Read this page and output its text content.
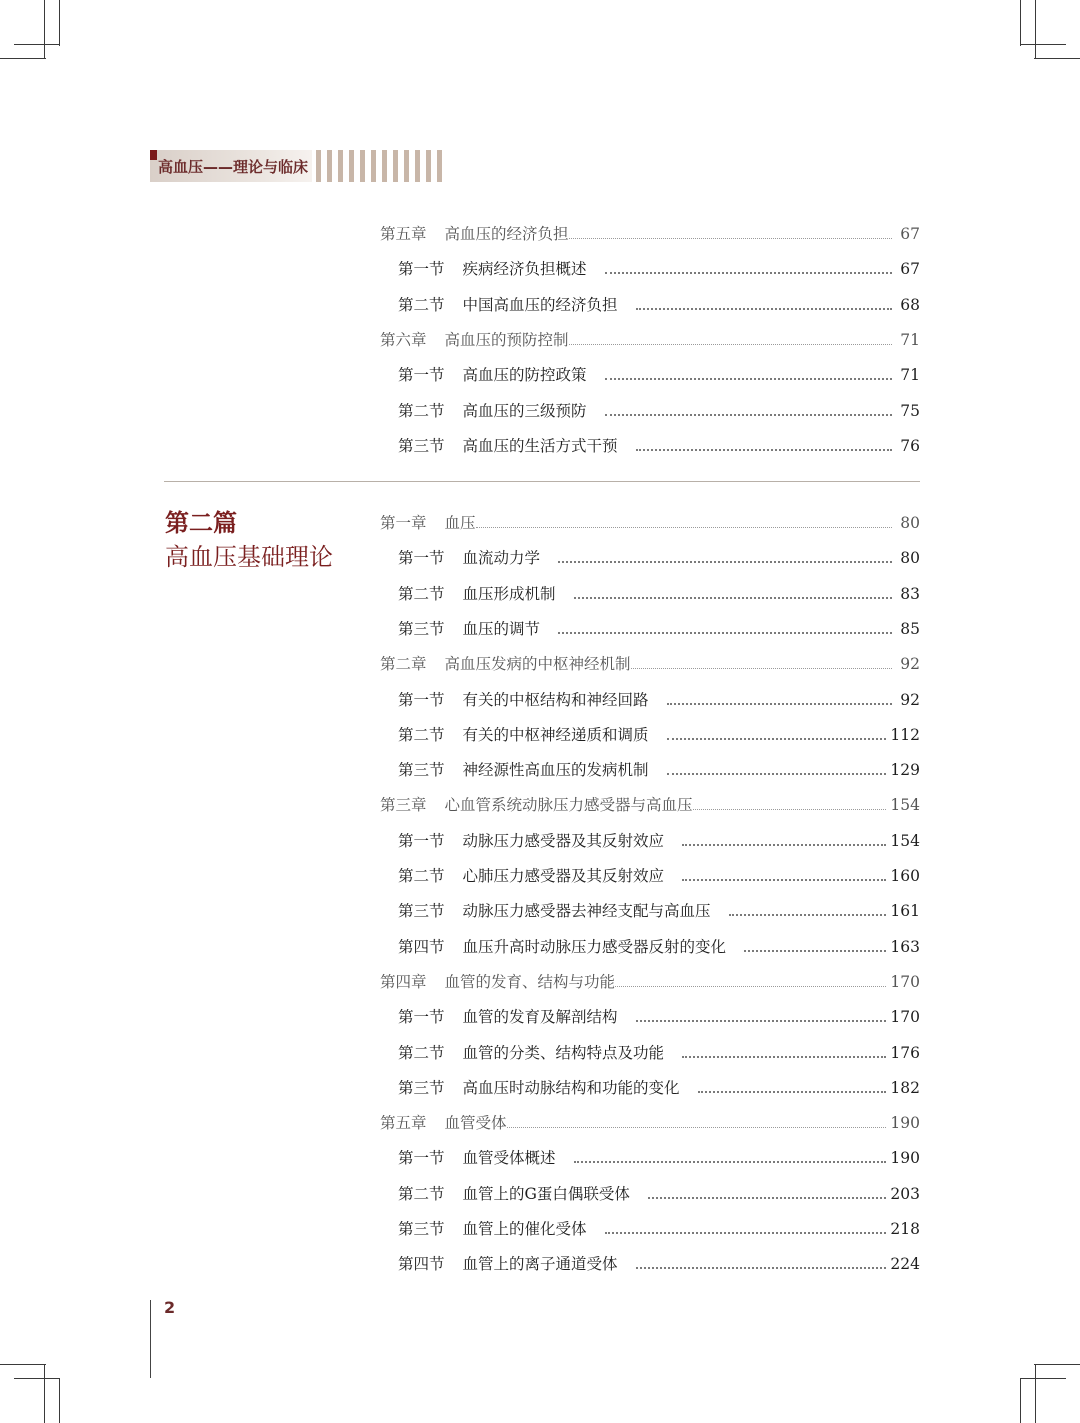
高血压——理论与临床
第五章 高血压的经济负担	67
第一节 疾病经济负担概述	67
第二节 中国高血压的经济负担	68
第六章 高血压的预防控制	71
第一节 高血压的防控政策	71
第二节 高血压的三级预防	75
第三节 高血压的生活方式干预	76
第二篇
高血压基础理论
第一章 血压	80
第一节 血流动力学	80
第二节 血压形成机制	83
第三节 血压的调节	85
第二章 高血压发病的中枢神经机制	92
第一节 有关的中枢结构和神经回路	92
第二节 有关的中枢神经递质和调质	112
第三节 神经源性高血压的发病机制	129
第三章 心血管系统动脉压力感受器与高血压	154
第一节 动脉压力感受器及其反射效应	154
第二节 心肺压力感受器及其反射效应	160
第三节 动脉压力感受器去神经支配与高血压	161
第四节 血压升高时动脉压力感受器反射的变化	163
第四章 血管的发育、结构与功能	170
第一节 血管的发育及解剖结构	170
第二节 血管的分类、结构特点及功能	176
第三节 高血压时动脉结构和功能的变化	182
第五章 血管受体	190
第一节 血管受体概述	190
第二节 血管上的G蛋白偶联受体	203
第三节 血管上的催化受体	218
第四节 血管上的离子通道受体	224
2
